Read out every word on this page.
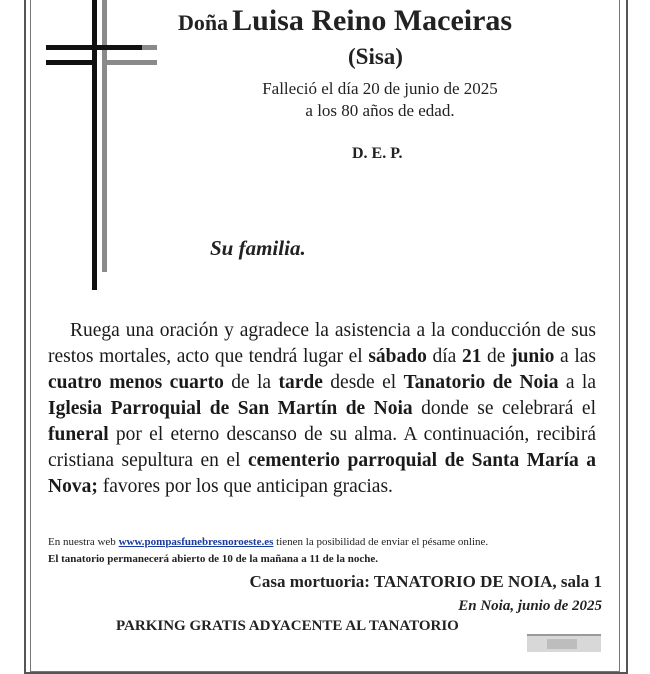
Doña Luisa Reino Maceiras
(Sisa)
Falleció el día 20 de junio de 2025
a los 80 años de edad.
D. E. P.
Su familia.
Ruega una oración y agradece la asistencia a la conducción de sus restos mortales, acto que tendrá lugar el sábado día 21 de junio a las cuatro menos cuarto de la tarde desde el Tanatorio de Noia a la Iglesia Parroquial de San Martín de Noia donde se celebrará el funeral por el eterno descanso de su alma. A continuación, recibirá cristiana sepultura en el cementerio parroquial de Santa María a Nova; favores por los que anticipan gracias.
En nuestra web www.pompasfunebresnoroeste.es tienen la posibilidad de enviar el pésame online.
El tanatorio permanecerá abierto de 10 de la mañana a 11 de la noche.
Casa mortuoria: TANATORIO DE NOIA, sala 1
En Noia, junio de 2025
PARKING GRATIS ADYACENTE AL TANATORIO
